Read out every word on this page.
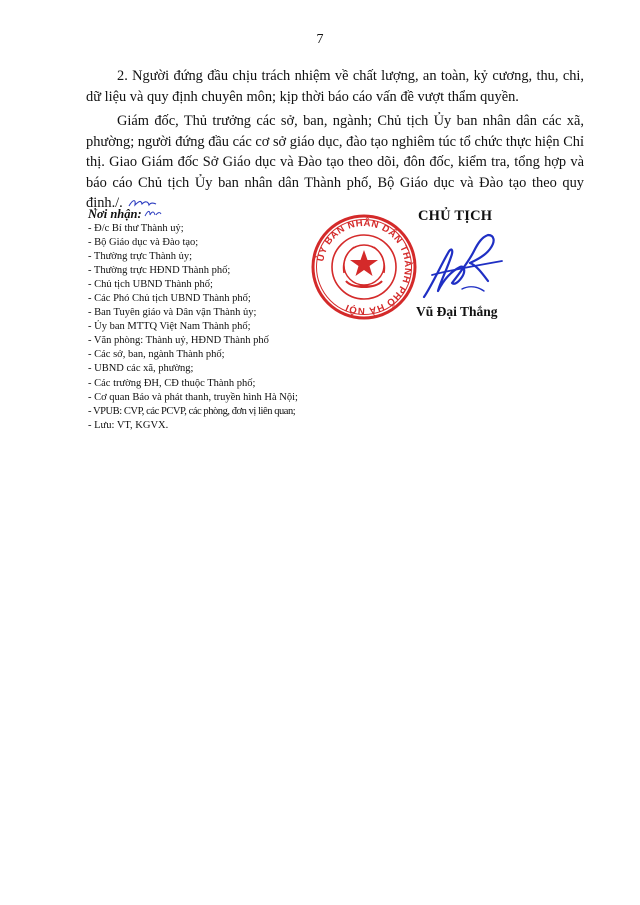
7

2. Người đứng đầu chịu trách nhiệm về chất lượng, an toàn, kỷ cương, thu, chi, dữ liệu và quy định chuyên môn; kịp thời báo cáo vấn đề vượt thẩm quyền.

Giám đốc, Thủ trưởng các sở, ban, ngành; Chủ tịch Ủy ban nhân dân các xã, phường; người đứng đầu các cơ sở giáo dục, đào tạo nghiêm túc tổ chức thực hiện Chỉ thị. Giao Giám đốc Sở Giáo dục và Đào tạo theo dõi, đôn đốc, kiểm tra, tổng hợp và báo cáo Chủ tịch Ủy ban nhân dân Thành phố, Bộ Giáo dục và Đào tạo theo quy định./.

Nơi nhận:
- Đ/c Bí thư Thành uỷ;
- Bộ Giáo dục và Đào tạo;
- Thường trực Thành ủy;
- Thường trực HĐND Thành phố;
- Chủ tịch UBND Thành phố;
- Các Phó Chủ tịch UBND Thành phố;
- Ban Tuyên giáo và Dân vận Thành ủy;
- Ủy ban MTTQ Việt Nam Thành phố;
- Văn phòng: Thành uỷ, HĐND Thành phố
- Các sở, ban, ngành Thành phố;
- UBND các xã, phường;
- Các trường ĐH, CĐ thuộc Thành phố;
- Cơ quan Báo và phát thanh, truyền hình Hà Nội;
- VPUB: CVP, các PCVP, các phòng, đơn vị liên quan;
- Lưu: VT, KGVX.
ỦY BAN NHÂN DÂN THÀNH PHỐ HÀ NỘI
CHỦ TỊCH
Vũ Đại Thắng
